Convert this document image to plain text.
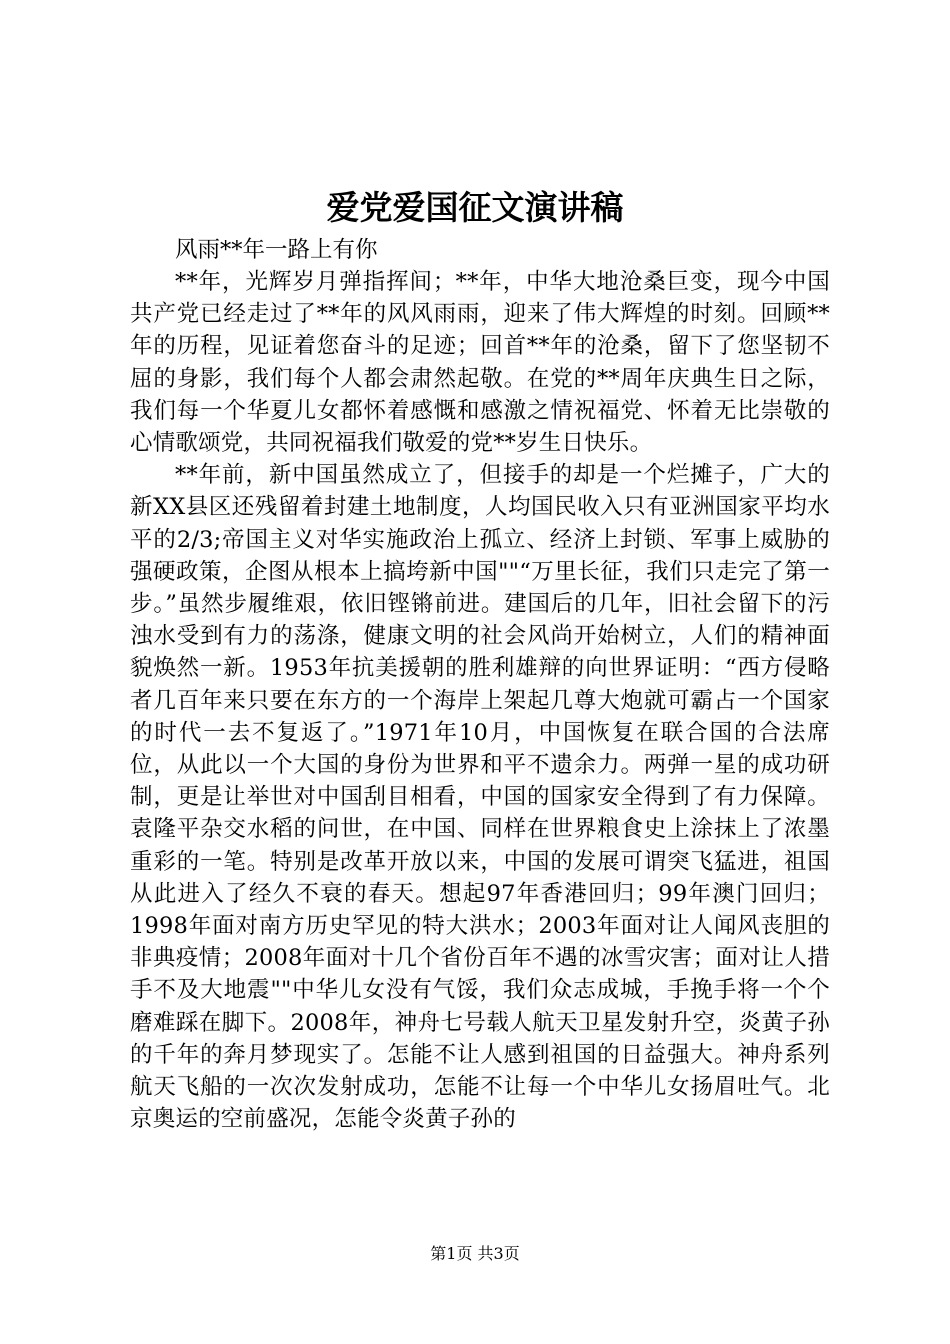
爱党爱国征文演讲稿

风雨**年一路上有你

**年，光辉岁月弹指挥间；**年，中华大地沧桑巨变，现今中国共产党已经走过了**年的风风雨雨，迎来了伟大辉煌的时刻。回顾**年的历程，见证着您奋斗的足迹；回首**年的沧桑，留下了您坚韧不屈的身影，我们每个人都会肃然起敬。在党的**周年庆典生日之际，我们每一个华夏儿女都怀着感慨和感激之情祝福党、怀着无比崇敬的心情歌颂党，共同祝福我们敬爱的党**岁生日快乐。

**年前，新中国虽然成立了，但接手的却是一个烂摊子，广大的新XX县区还残留着封建土地制度，人均国民收入只有亚洲国家平均水平的2/3;帝国主义对华实施政治上孤立、经济上封锁、军事上威胁的强硬政策，企图从根本上搞垮新中国""“万里长征，我们只走完了第一步。”虽然步履维艰，依旧铿锵前进。建国后的几年，旧社会留下的污浊水受到有力的荡涤，健康文明的社会风尚开始树立，人们的精神面貌焕然一新。1953年抗美援朝的胜利雄辩的向世界证明：“西方侵略者几百年来只要在东方的一个海岸上架起几尊大炮就可霸占一个国家的时代一去不复返了。”1971年10月，中国恢复在联合国的合法席位，从此以一个大国的身份为世界和平不遗余力。两弹一星的成功研制，更是让举世对中国刮目相看，中国的国家安全得到了有力保障。袁隆平杂交水稻的问世，在中国、同样在世界粮食史上涂抹上了浓墨重彩的一笔。特别是改革开放以来，中国的发展可谓突飞猛进，祖国从此进入了经久不衰的春天。想起97年香港回归；99年澳门回归；1998年面对南方历史罕见的特大洪水；2003年面对让人闻风丧胆的非典疫情；2008年面对十几个省份百年不遇的冰雪灾害；面对让人措手不及大地震""中华儿女没有气馁，我们众志成城，手挽手将一个个磨难踩在脚下。2008年，神舟七号载人航天卫星发射升空，炎黄子孙的千年的奔月梦现实了。怎能不让人感到祖国的日益强大。神舟系列航天飞船的一次次发射成功，怎能不让每一个中华儿女扬眉吐气。北京奥运的空前盛况，怎能令炎黄子孙的

第1页 共3页
